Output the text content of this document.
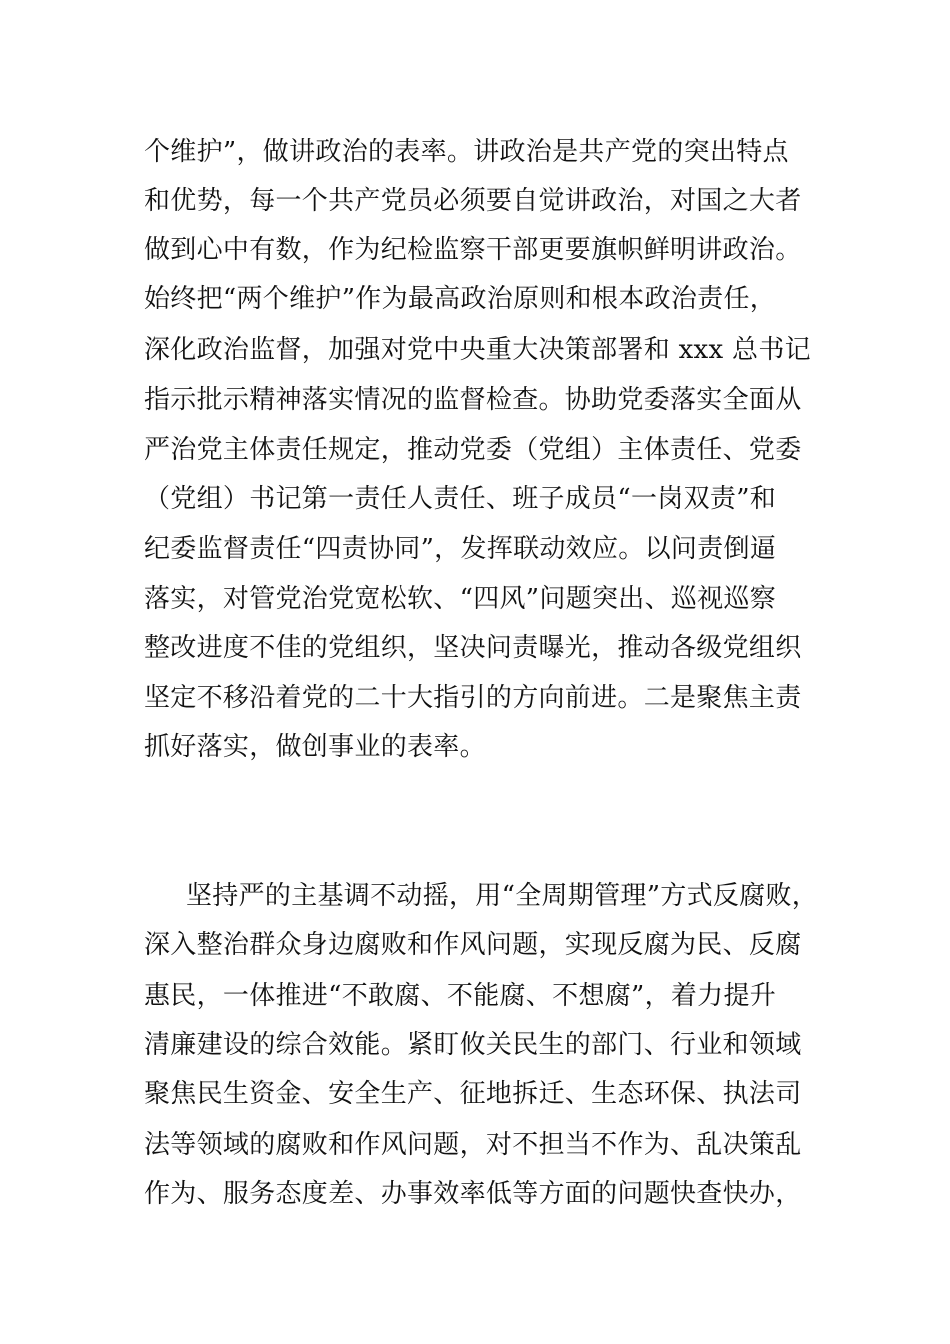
个维护”，做讲政治的表率。讲政治是共产党的突出特点
和优势，每一个共产党员必须要自觉讲政治，对国之大者
做到心中有数，作为纪检监察干部更要旗帜鲜明讲政治。
始终把“两个维护”作为最高政治原则和根本政治责任，
深化政治监督，加强对党中央重大决策部署和 xxx 总书记
指示批示精神落实情况的监督检查。协助党委落实全面从
严治党主体责任规定，推动党委（党组）主体责任、党委
（党组）书记第一责任人责任、班子成员“一岗双责”和
纪委监督责任“四责协同”，发挥联动效应。以问责倒逼
落实，对管党治党宽松软、“四风”问题突出、巡视巡察
整改进度不佳的党组织，坚决问责曝光，推动各级党组织
坚定不移沿着党的二十大指引的方向前进。二是聚焦主责
抓好落实，做创事业的表率。
坚持严的主基调不动摇，用“全周期管理”方式反腐败，
深入整治群众身边腐败和作风问题，实现反腐为民、反腐
惠民，一体推进“不敢腐、不能腐、不想腐”，着力提升
清廉建设的综合效能。紧盯攸关民生的部门、行业和领域
聚焦民生资金、安全生产、征地拆迁、生态环保、执法司
法等领域的腐败和作风问题，对不担当不作为、乱决策乱
作为、服务态度差、办事效率低等方面的问题快查快办，
